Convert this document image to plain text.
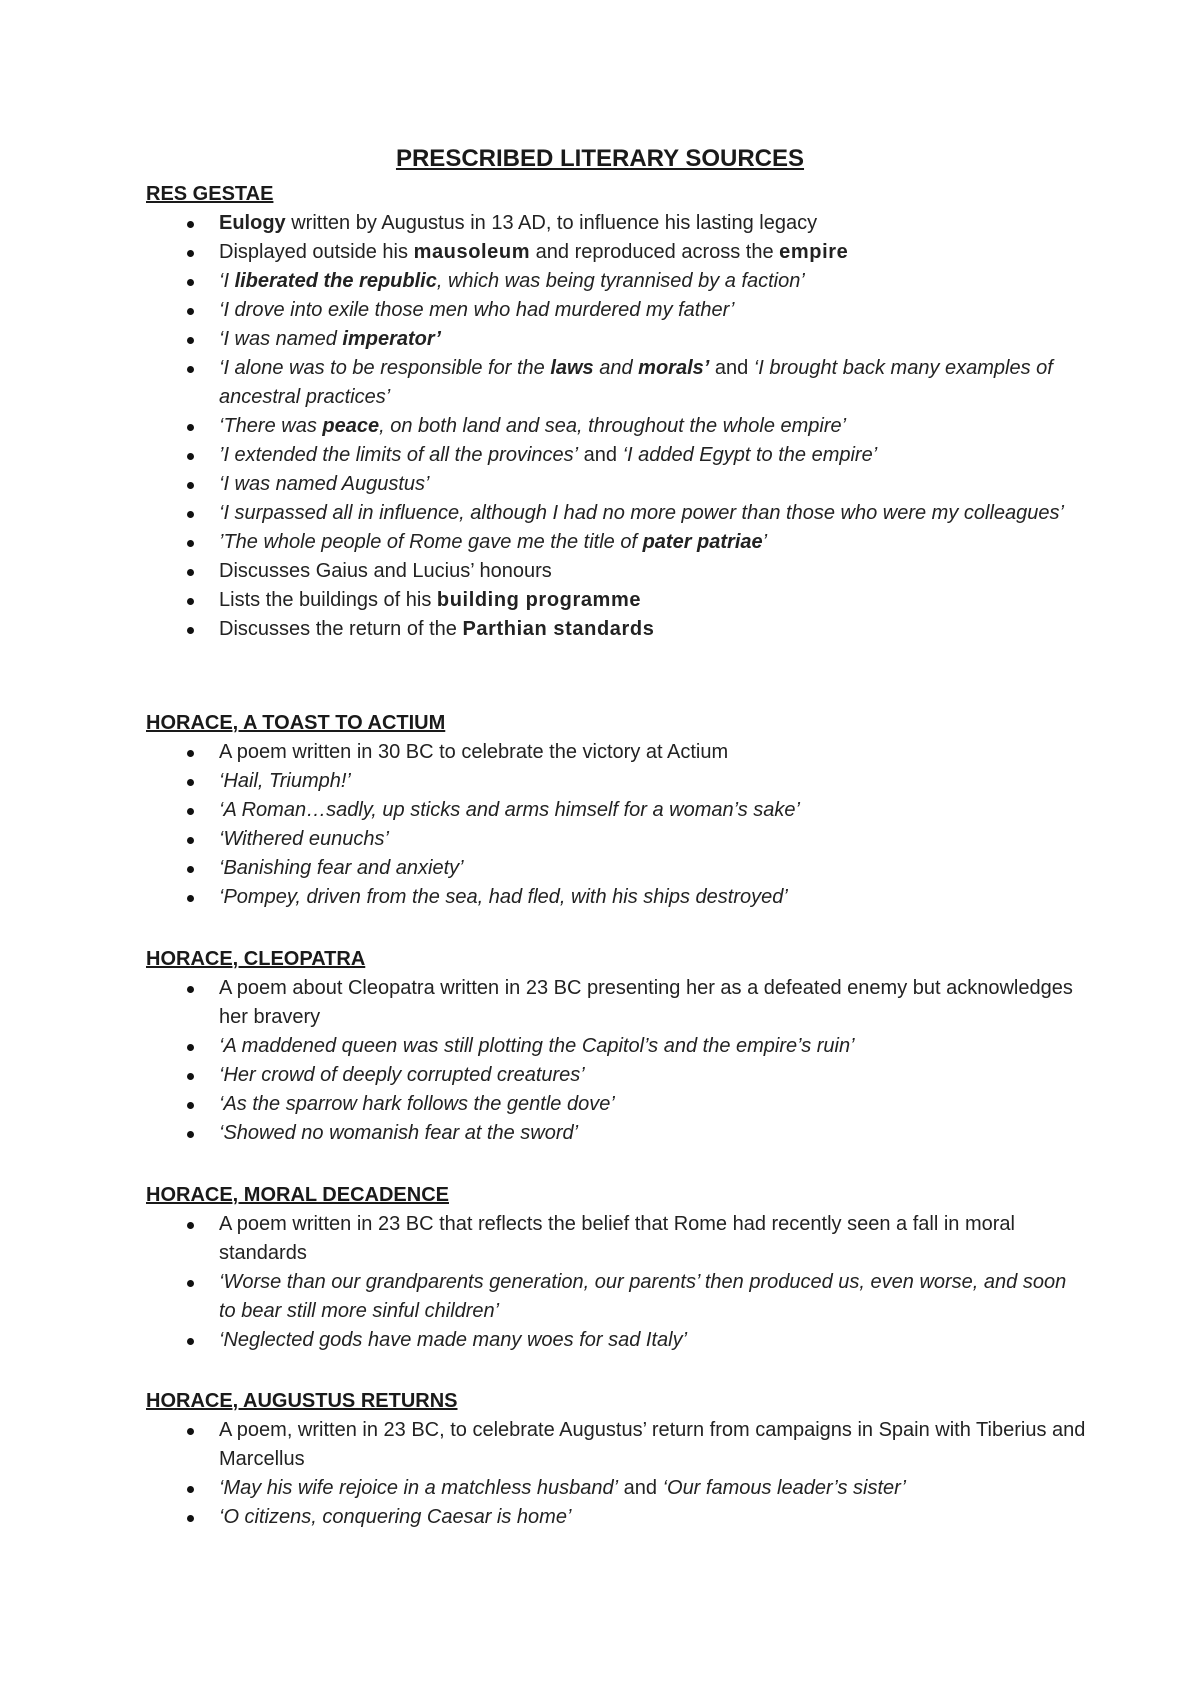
PRESCRIBED LITERARY SOURCES
RES GESTAE
Eulogy written by Augustus in 13 AD, to influence his lasting legacy
Displayed outside his mausoleum and reproduced across the empire
‘I liberated the republic, which was being tyrannised by a faction’
‘I drove into exile those men who had murdered my father’
‘I was named imperator’
‘I alone was to be responsible for the laws and morals’ and ‘I brought back many examples of ancestral practices’
‘There was peace, on both land and sea, throughout the whole empire’
’I extended the limits of all the provinces’ and ‘I added Egypt to the empire’
‘I was named Augustus’
‘I surpassed all in influence, although I had no more power than those who were my colleagues’
’The whole people of Rome gave me the title of pater patriae’
Discusses Gaius and Lucius’ honours
Lists the buildings of his building programme
Discusses the return of the Parthian standards
HORACE, A TOAST TO ACTIUM
A poem written in 30 BC to celebrate the victory at Actium
‘Hail, Triumph!’
‘A Roman…sadly, up sticks and arms himself for a woman’s sake’
‘Withered eunuchs’
‘Banishing fear and anxiety’
‘Pompey, driven from the sea, had fled, with his ships destroyed’
HORACE, CLEOPATRA
A poem about Cleopatra written in 23 BC presenting her as a defeated enemy but acknowledges her bravery
‘A maddened queen was still plotting the Capitol’s and the empire’s ruin’
‘Her crowd of deeply corrupted creatures’
‘As the sparrow hark follows the gentle dove’
‘Showed no womanish fear at the sword’
HORACE, MORAL DECADENCE
A poem written in 23 BC that reflects the belief that Rome had recently seen a fall in moral standards
‘Worse than our grandparents generation, our parents’ then produced us, even worse, and soon to bear still more sinful children’
‘Neglected gods have made many woes for sad Italy’
HORACE, AUGUSTUS RETURNS
A poem, written in 23 BC, to celebrate Augustus’ return from campaigns in Spain with Tiberius and Marcellus
‘May his wife rejoice in a matchless husband’ and ‘Our famous leader’s sister’
‘O citizens, conquering Caesar is home’
